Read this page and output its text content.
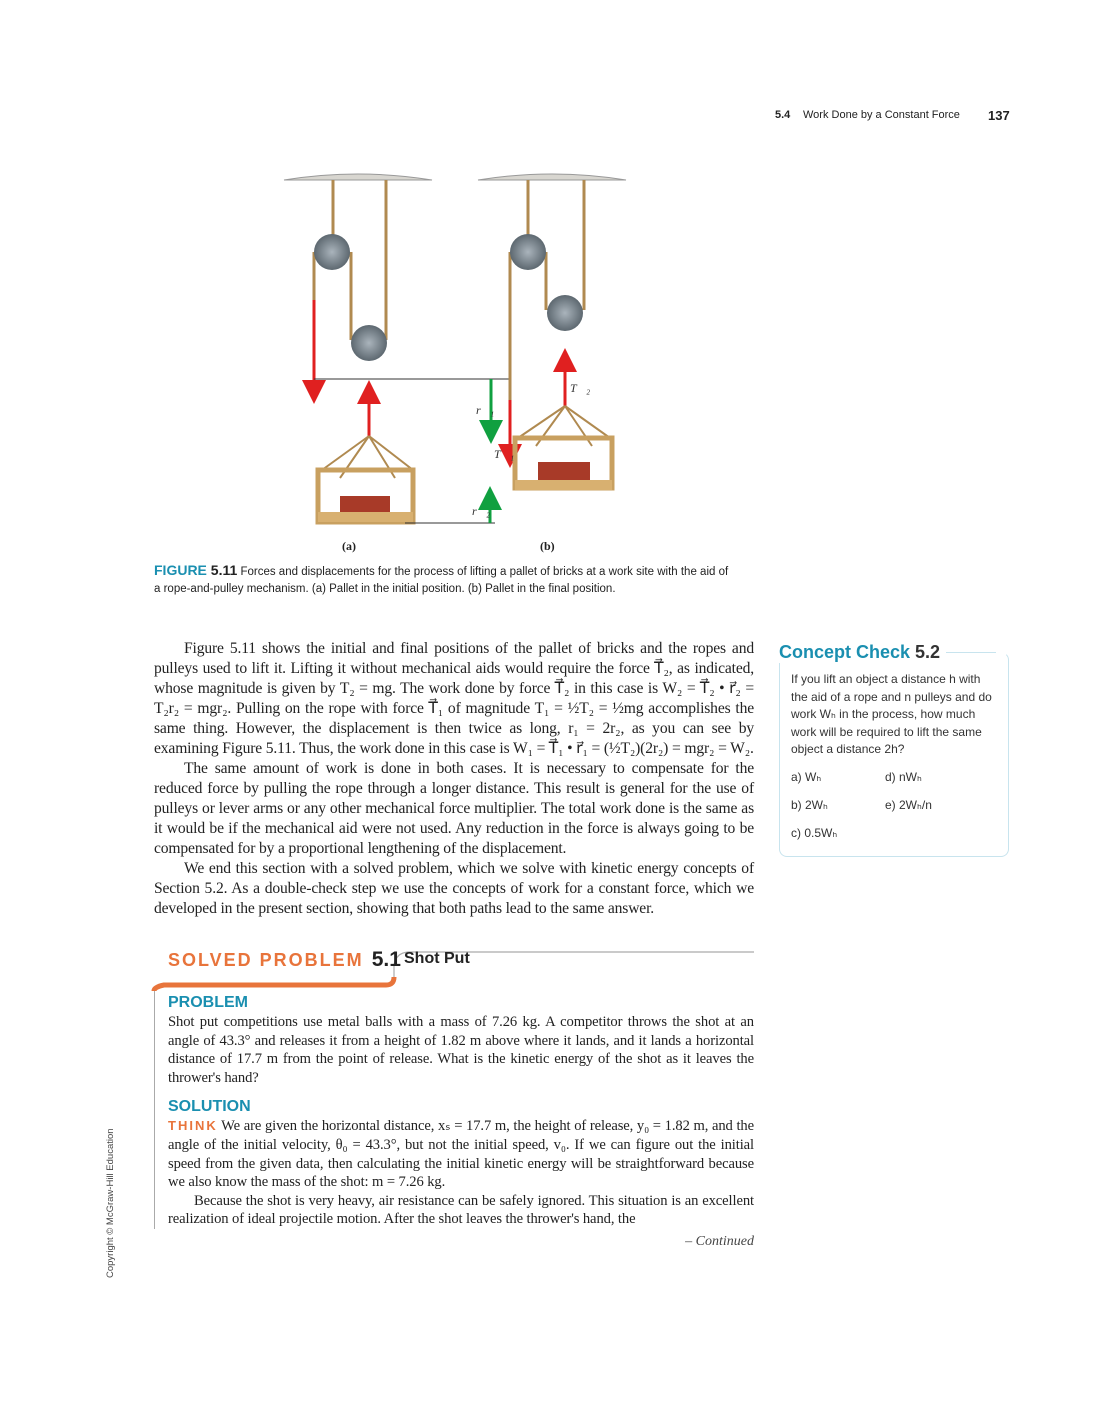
5.4 Work Done by a Constant Force 137
r⃗₁
T⃗₁
r⃗₂
T⃗₂
(a)	(b)
FIGURE 5.11 Forces and displacements for the process of lifting a pallet of bricks at a work site with the aid of a rope-and-pulley mechanism. (a) Pallet in the initial position. (b) Pallet in the final position.

Figure 5.11 shows the initial and final positions of the pallet of bricks and the ropes and pulleys used to lift it. Lifting it without mechanical aids would require the force T⃗₂, as indicated, whose magnitude is given by T₂ = mg. The work done by force T⃗₂ in this case is W₂ = T⃗₂ • r⃗₂ = T₂r₂ = mgr₂. Pulling on the rope with force T⃗₁ of magnitude T₁ = ½T₂ = ½mg accomplishes the same thing. However, the displacement is then twice as long, r₁ = 2r₂, as you can see by examining Figure 5.11. Thus, the work done in this case is W₁ = T⃗₁ • r⃗₁ = (½T₂)(2r₂) = mgr₂ = W₂.

The same amount of work is done in both cases. It is necessary to compensate for the reduced force by pulling the rope through a longer distance. This result is general for the use of pulleys or lever arms or any other mechanical force multiplier. The total work done is the same as it would be if the mechanical aid were not used. Any reduction in the force is always going to be compensated for by a proportional lengthening of the displacement.

We end this section with a solved problem, which we solve with kinetic energy concepts of Section 5.2. As a double-check step we use the concepts of work for a constant force, which we developed in the present section, showing that both paths lead to the same answer.

SOLVED PROBLEM 5.1 Shot Put
PROBLEM
Shot put competitions use metal balls with a mass of 7.26 kg. A competitor throws the shot at an angle of 43.3° and releases it from a height of 1.82 m above where it lands, and it lands a horizontal distance of 17.7 m from the point of release. What is the kinetic energy of the shot as it leaves the thrower's hand?
SOLUTION

THINK We are given the horizontal distance, xₛ = 17.7 m, the height of release, y₀ = 1.82 m, and the angle of the initial velocity, θ₀ = 43.3°, but not the initial speed, v₀. If we can figure out the initial speed from the given data, then calculating the initial kinetic energy will be straightforward because we also know the mass of the shot: m = 7.26 kg.

Because the shot is very heavy, air resistance can be safely ignored. This situation is an excellent realization of ideal projectile motion. After the shot leaves the thrower's hand, the

– Continued
Concept Check 5.2
If you lift an object a distance h with the aid of a rope and n pulleys and do work Wₕ in the process, how much work will be required to lift the same object a distance 2h?
a) Wₕ
b) 2Wₕ
c) 0.5Wₕ
d) nWₕ
e) 2Wₕ/n
Copyright © McGraw-Hill Education
